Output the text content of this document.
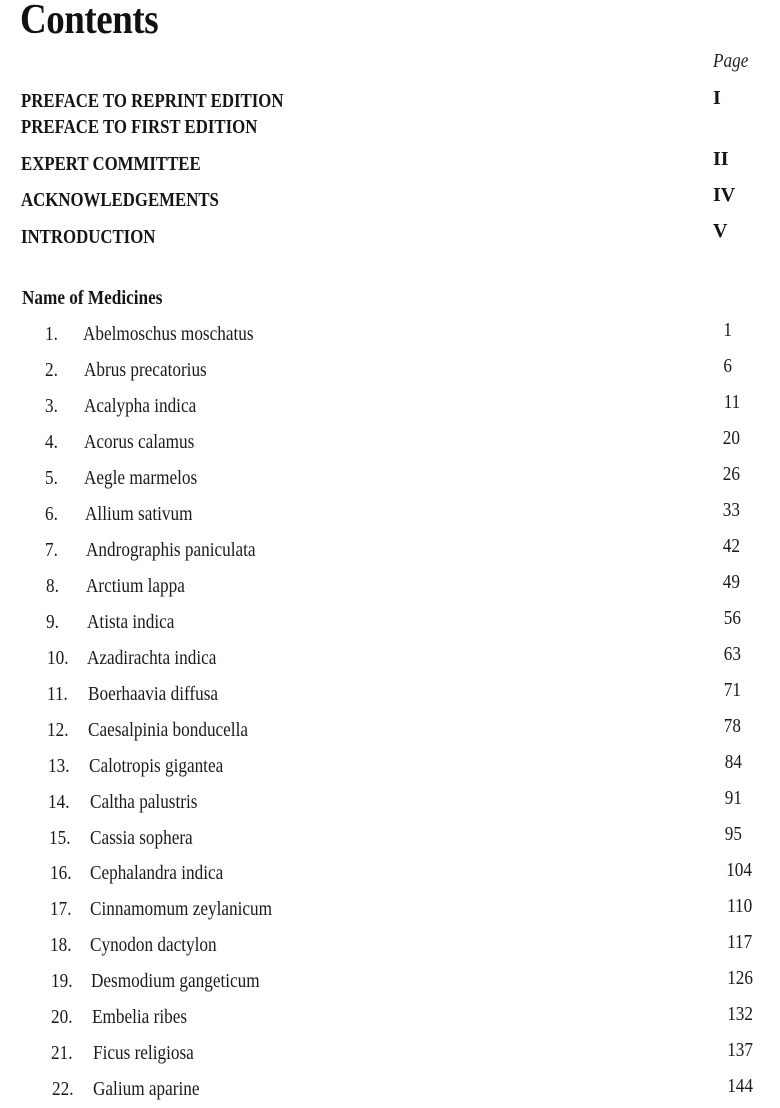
Contents
Page
PREFACE TO REPRINT EDITION	I
PREFACE TO FIRST EDITION
EXPERT COMMITTEE	II
ACKNOWLEDGEMENTS	IV
INTRODUCTION	V
Name of Medicines
1. Abelmoschus moschatus	1
2. Abrus precatorius	6
3. Acalypha indica	11
4. Acorus calamus	20
5. Aegle marmelos	26
6. Allium sativum	33
7. Andrographis paniculata	42
8. Arctium lappa	49
9. Atista indica	56
10. Azadirachta indica	63
11. Boerhaavia diffusa	71
12. Caesalpinia bonducella	78
13. Calotropis gigantea	84
14. Caltha palustris	91
15. Cassia sophera	95
16. Cephalandra indica	104
17. Cinnamomum zeylanicum	110
18. Cynodon dactylon	117
19. Desmodium gangeticum	126
20. Embelia ribes	132
21. Ficus religiosa	137
22. Galium aparine	144
